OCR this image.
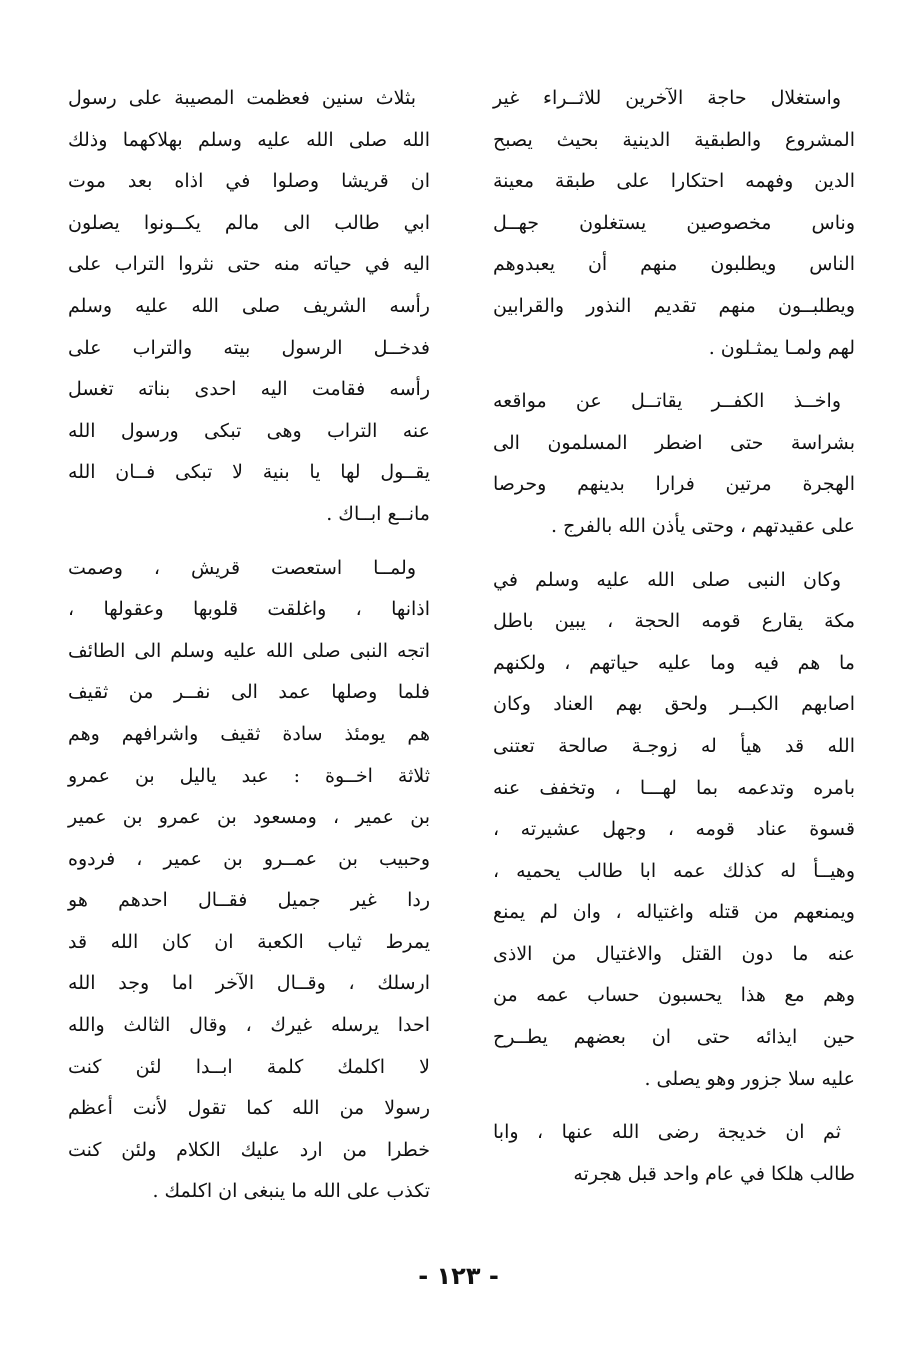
واستغلال حاجة الآخرين للاثــراء غير
المشروع والطبقية الدينية بحيث يصبح
الدين وفهمه احتكارا على طبقة معينة
وناس مخصوصين يستغلون جهــل
الناس ويطلبون منهم أن يعبدوهم
ويطلبــون منهم تقديم النذور والقرابين
لهم ولمـا يمثـلون .
واخــذ الكفــر يقاتــل عن مواقعه
بشراسة حتى اضطر المسلمون الى
الهجرة مرتين فرارا بدينهم وحرصا
على عقيدتهم ، وحتى يأذن الله بالفرج .
وكان النبى صلى الله عليه وسلم في
مكة يقارع قومه الحجة ، يبين باطل
ما هم فيه وما عليه حياتهم ، ولكنهم
اصابهم الكبــر ولحق بهم العناد وكان
الله قد هيأ له زوجـة صالحة تعتنى
بامره وتدعمه بما لهـــا ، وتخفف عنه
قسوة عناد قومه ، وجهل عشيرته ،
وهيــأ له كذلك عمه ابا طالب يحميه ،
ويمنعهم من قتله واغتياله ، وان لم يمنع
عنه ما دون القتل والاغتيال من الاذى
وهم مع هذا يحسبون حساب عمه من
حين ايذائه حتى ان بعضهم يطــرح
عليه سلا جزور وهو يصلى .
ثم ان خديجة رضى الله عنها ، وابا
طالب هلكا في عام واحد قبل هجرته
بثلاث سنين فعظمت المصيبة على رسول
الله صلى الله عليه وسلم بهلاكهما وذلك
ان قريشا وصلوا في اذاه بعد موت
ابي طالب الى مالم يكــونوا يصلون
اليه في حياته منه حتى نثروا التراب على
رأسه الشريف صلى الله عليه وسلم
فدخــل الرسول بيته والتراب على
رأسه فقامت اليه احدى بناته تغسل
عنه التراب وهى تبكى ورسول الله
يقــول لها يا بنية لا تبكى فــان الله
مانــع ابــاك .
ولمــا استعصت قريش ، وصمت
اذانها ، واغلقت قلوبها وعقولها ،
اتجه النبى صلى الله عليه وسلم الى الطائف
فلما وصلها عمد الى نفــر من ثقيف
هم يومئذ سادة ثقيف واشرافهم وهم
ثلاثة اخــوة : عبد ياليل بن عمرو
بن عمير ، ومسعود بن عمرو بن عمير
وحبيب بن عمــرو بن عمير ، فردوه
ردا غير جميل فقــال احدهم هو
يمرط ثياب الكعبة ان كان الله قد
ارسلك ، وقــال الآخر اما وجد الله
احدا يرسله غيرك ، وقال الثالث والله
لا اكلمك كلمة ابــدا لئن كنت
رسولا من الله كما تقول لأنت أعظم
خطرا من ارد عليك الكلام ولئن كنت
تكذب على الله ما ينبغى ان اكلمك .
- ١٢٣ -
